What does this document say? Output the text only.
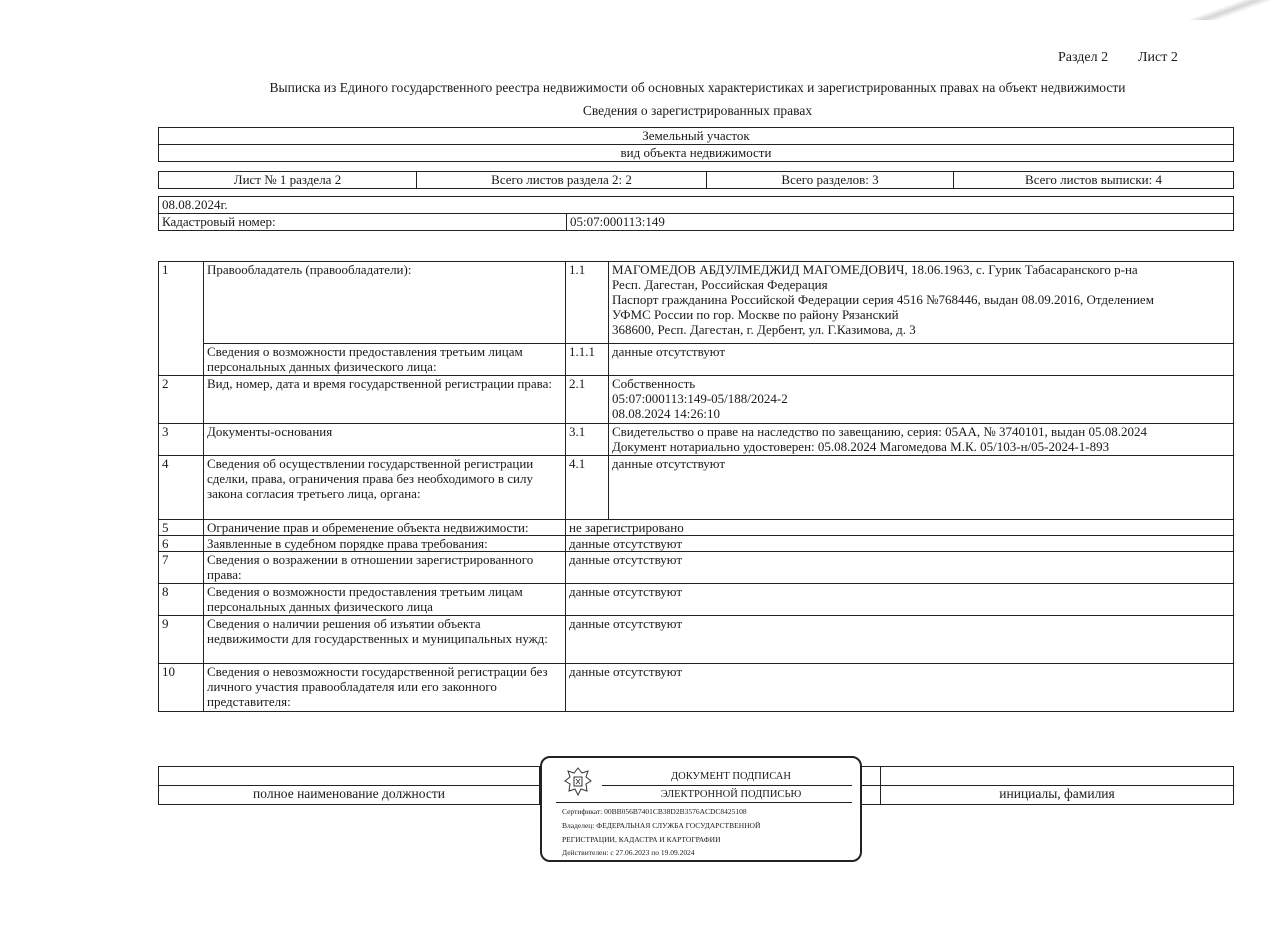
Раздел 2 Лист 2
Выписка из Единого государственного реестра недвижимости об основных характеристиках и зарегистрированных правах на объект недвижимости
Сведения о зарегистрированных правах
Земельный участок
вид объекта недвижимости
Лист № 1 раздела 2	Всего листов раздела 2: 2	Всего разделов: 3	Всего листов выписки: 4
08.08.2024г.
Кадастровый номер:	05:07:000113:149
1	Правообладатель (правообладатели):	1.1	МАГОМЕДОВ АБДУЛМЕДЖИД МАГОМЕДОВИЧ, 18.06.1963, с. Гурик Табасаранского р-на
Респ. Дагестан, Российская Федерация
Паспорт гражданина Российской Федерации серия 4516 №768446, выдан 08.09.2016, Отделением
УФМС России по гор. Москве по району Рязанский
368600, Респ. Дагестан, г. Дербент, ул. Г.Казимова, д. 3

	Сведения о возможности предоставления третьим лицам персональных данных физического лица:	1.1.1	данные отсутствуют
2	Вид, номер, дата и время государственной регистрации права:	2.1	Собственность
05:07:000113:149-05/188/2024-2
08.08.2024 14:26:10

3	Документы-основания	3.1	Свидетельство о праве на наследство по завещанию, серия: 05АА, № 3740101, выдан 05.08.2024
Документ нотариально удостоверен: 05.08.2024 Магомедова М.К. 05/103-н/05-2024-1-893

4	Сведения об осуществлении государственной регистрации сделки, права, ограничения права без необходимого в силу закона согласия третьего лица, органа:	4.1	данные отсутствуют
5	Ограничение прав и обременение объекта недвижимости:	не зарегистрировано	
6	Заявленные в судебном порядке права требования:	данные отсутствуют	
7	Сведения о возражении в отношении зарегистрированного права:	данные отсутствуют	
8	Сведения о возможности предоставления третьим лицам персональных данных физического лица	данные отсутствуют	
9	Сведения о наличии решения об изъятии объекта недвижимости для государственных и муниципальных нужд:	данные отсутствуют	
10	Сведения о невозможности государственной регистрации без личного участия правообладателя или его законного представителя:	данные отсутствуют	

полное наименование должности		инициалы, фамилия
ДОКУМЕНТ ПОДПИСАН
ЭЛЕКТРОННОЙ ПОДПИСЬЮ
Сертификат: 00BB056B7401CB38D2B3576ACDC8425108
Владелец: ФЕДЕРАЛЬНАЯ СЛУЖБА ГОСУДАРСТВЕННОЙ
РЕГИСТРАЦИИ, КАДАСТРА И КАРТОГРАФИИ
Действителен: с 27.06.2023 по 19.09.2024
